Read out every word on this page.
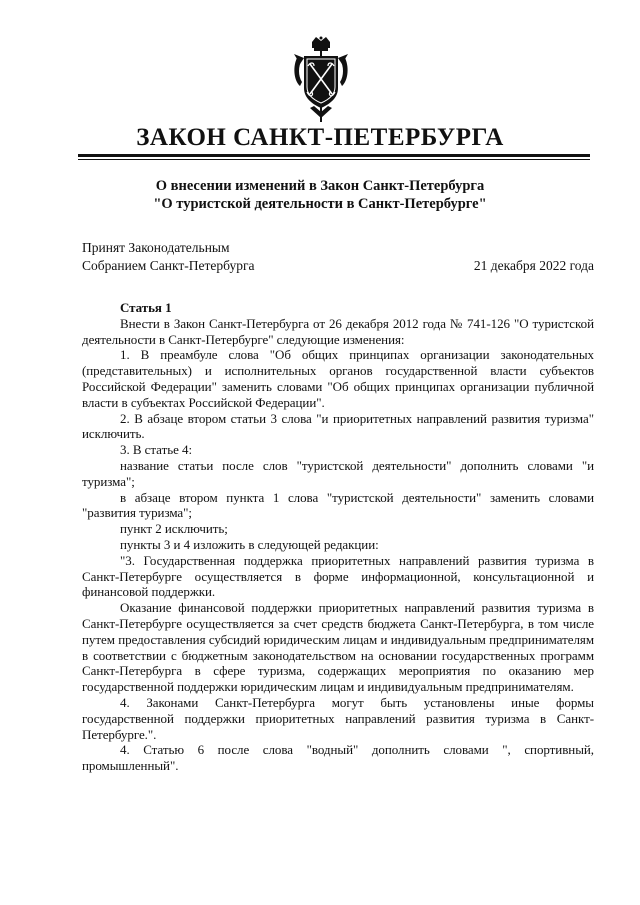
ЗАКОН САНКТ-ПЕТЕРБУРГА
О внесении изменений в Закон Санкт-Петербурга
"О туристской деятельности в Санкт-Петербурге"
Принят Законодательным
Собранием Санкт-Петербурга	21 декабря 2022 года

Статья 1

Внести в Закон Санкт-Петербурга от 26 декабря 2012 года № 741-126 "О туристской деятельности в Санкт-Петербурге" следующие изменения:

1. В преамбуле слова "Об общих принципах организации законодательных (представительных) и исполнительных органов государственной власти субъектов Российской Федерации" заменить словами "Об общих принципах организации публичной власти в субъектах Российской Федерации".

2. В абзаце втором статьи 3 слова "и приоритетных направлений развития туризма" исключить.

3. В статье 4:

название статьи после слов "туристской деятельности" дополнить словами "и туризма";

в абзаце втором пункта 1 слова "туристской деятельности" заменить словами "развития туризма";

пункт 2 исключить;

пункты 3 и 4 изложить в следующей редакции:

"3. Государственная поддержка приоритетных направлений развития туризма в Санкт-Петербурге осуществляется в форме информационной, консультационной и финансовой поддержки.

Оказание финансовой поддержки приоритетных направлений развития туризма в Санкт-Петербурге осуществляется за счет средств бюджета Санкт-Петербурга, в том числе путем предоставления субсидий юридическим лицам и индивидуальным предпринимателям в соответствии с бюджетным законодательством на основании государственных программ Санкт-Петербурга в сфере туризма, содержащих мероприятия по оказанию мер государственной поддержки юридическим лицам и индивидуальным предпринимателям.

4. Законами Санкт-Петербурга могут быть установлены иные формы государственной поддержки приоритетных направлений развития туризма в Санкт-Петербурге.".

4. Статью 6 после слова "водный" дополнить словами ", спортивный, промышленный".
